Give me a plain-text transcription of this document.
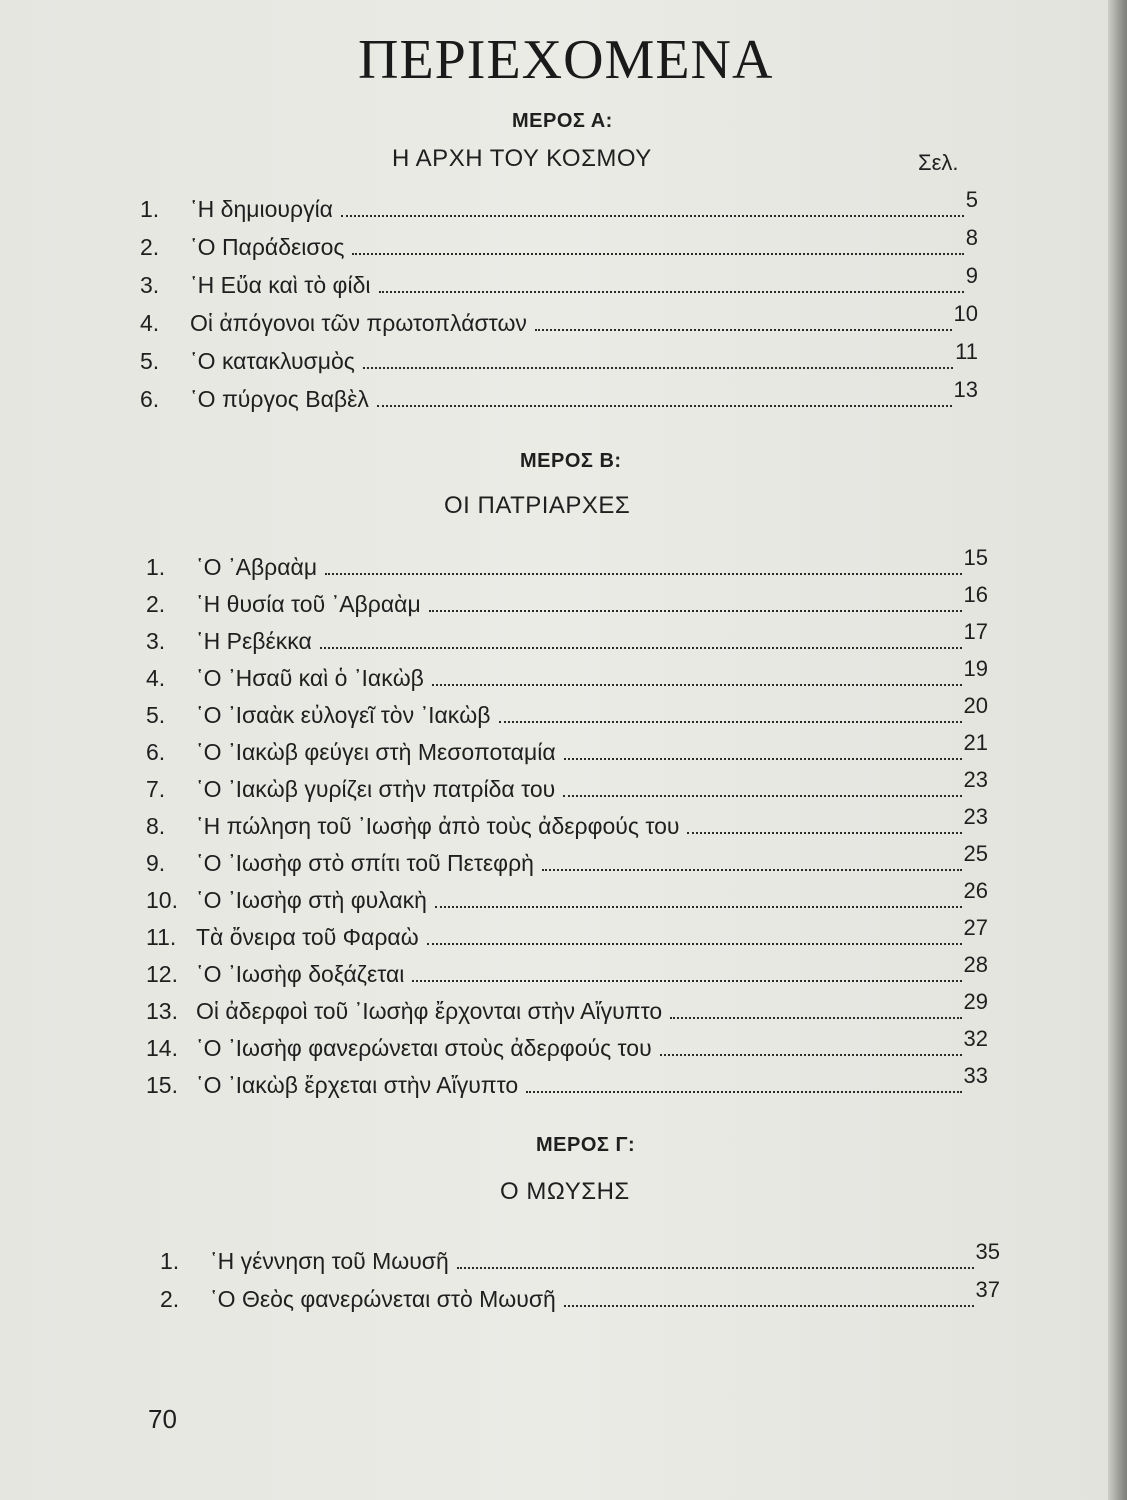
ΠΕΡΙΕΧΟΜΕΝΑ
ΜΕΡΟΣ Α:
Η ΑΡΧΗ ΤΟΥ ΚΟΣΜΟΥ	Σελ.
1.	῾Η δημιουργία	5
2.	῾Ο Παράδεισος	8
3.	῾Η Εὔα καὶ τὸ φίδι	9
4.	Οἱ ἀπόγονοι τῶν πρωτοπλάστων	10
5.	῾Ο κατακλυσμὸς	11
6.	῾Ο πύργος Βαβὲλ	13
ΜΕΡΟΣ Β:
ΟΙ ΠΑΤΡΙΑΡΧΕΣ
1.	῾Ο ᾿Αβραὰμ	15
2.	῾Η θυσία τοῦ ᾿Αβραὰμ	16
3.	῾Η Ρεβέκκα	17
4.	῾Ο ᾿Ησαῦ καὶ ὁ ᾿Ιακὼβ	19
5.	῾Ο ᾿Ισαὰκ εὐλογεῖ τὸν ᾿Ιακὼβ	20
6.	῾Ο ᾿Ιακὼβ φεύγει στὴ Μεσοποταμία	21
7.	῾Ο ᾿Ιακὼβ γυρίζει στὴν πατρίδα του	23
8.	῾Η πώληση τοῦ ᾿Ιωσὴφ ἀπὸ τοὺς ἀδερφούς του	23
9.	῾Ο ᾿Ιωσὴφ στὸ σπίτι τοῦ Πετεφρὴ	25
10. ῾Ο ᾿Ιωσὴφ στὴ φυλακὴ	26
11. Τὰ ὄνειρα τοῦ Φαραὼ	27
12. ῾Ο ᾿Ιωσὴφ δοξάζεται	28
13. Οἱ ἀδερφοὶ τοῦ ᾿Ιωσὴφ ἔρχονται στὴν Αἴγυπτο	29
14. ῾Ο ᾿Ιωσὴφ φανερώνεται στοὺς ἀδερφούς του	32
15. ῾Ο ᾿Ιακὼβ ἔρχεται στὴν Αἴγυπτο	33
ΜΕΡΟΣ Γ:
Ο ΜΩΥΣΗΣ
1.	῾Η γέννηση τοῦ Μωυσῆ	35
2.	῾Ο Θεὸς φανερώνεται στὸ Μωυσῆ	37
70
